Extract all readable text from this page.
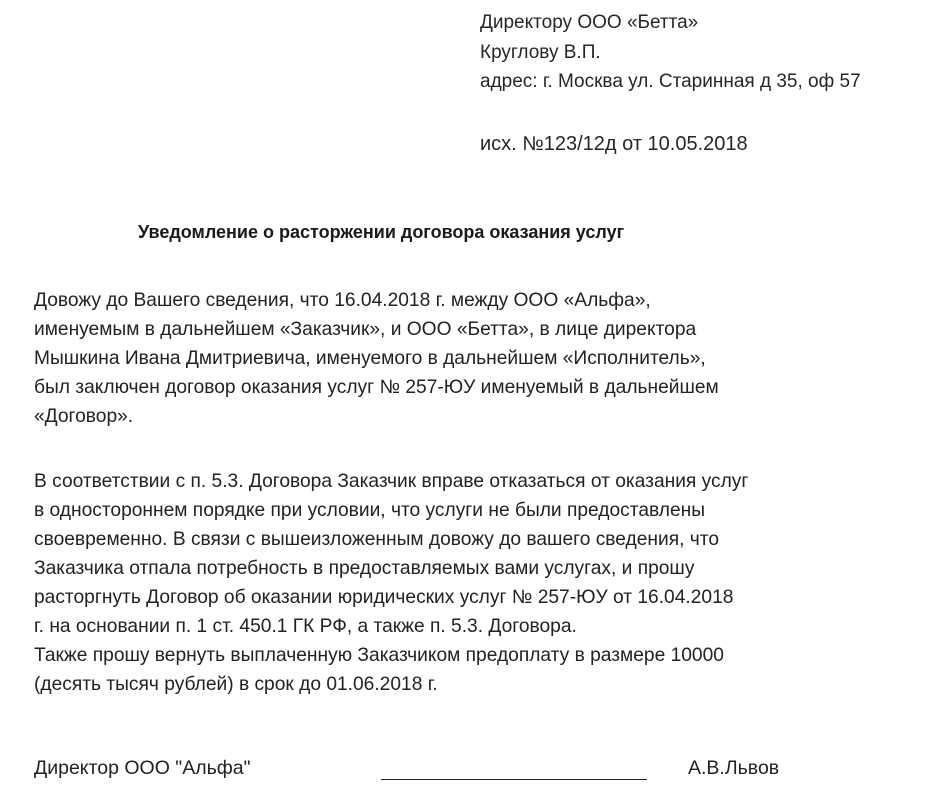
Директору ООО «Бетта»
Круглову В.П.
адрес: г. Москва ул. Старинная д 35, оф 57
исх. №123/12д от 10.05.2018
Уведомление о расторжении договора оказания услуг
Довожу до Вашего сведения, что 16.04.2018 г. между ООО «Альфа»,
именуемым в дальнейшем «Заказчик», и ООО «Бетта», в лице директора
Мышкина Ивана Дмитриевича, именуемого в дальнейшем «Исполнитель»,
был заключен договор оказания услуг № 257-ЮУ именуемый в дальнейшем
«Договор».
В соответствии с п. 5.3. Договора Заказчик вправе отказаться от оказания услуг
в одностороннем порядке при условии, что услуги не были предоставлены
своевременно. В связи с вышеизложенным довожу до вашего сведения, что
Заказчика отпала потребность в предоставляемых вами услугах, и прошу
расторгнуть Договор об оказании юридических услуг № 257-ЮУ от 16.04.2018
г. на основании п. 1 ст. 450.1 ГК РФ, а также п. 5.3. Договора.
Также прошу вернуть выплаченную Заказчиком предоплату в размере 10000
(десять тысяч рублей) в срок до 01.06.2018 г.
Директор ООО "Альфа"	А.В.Львов
